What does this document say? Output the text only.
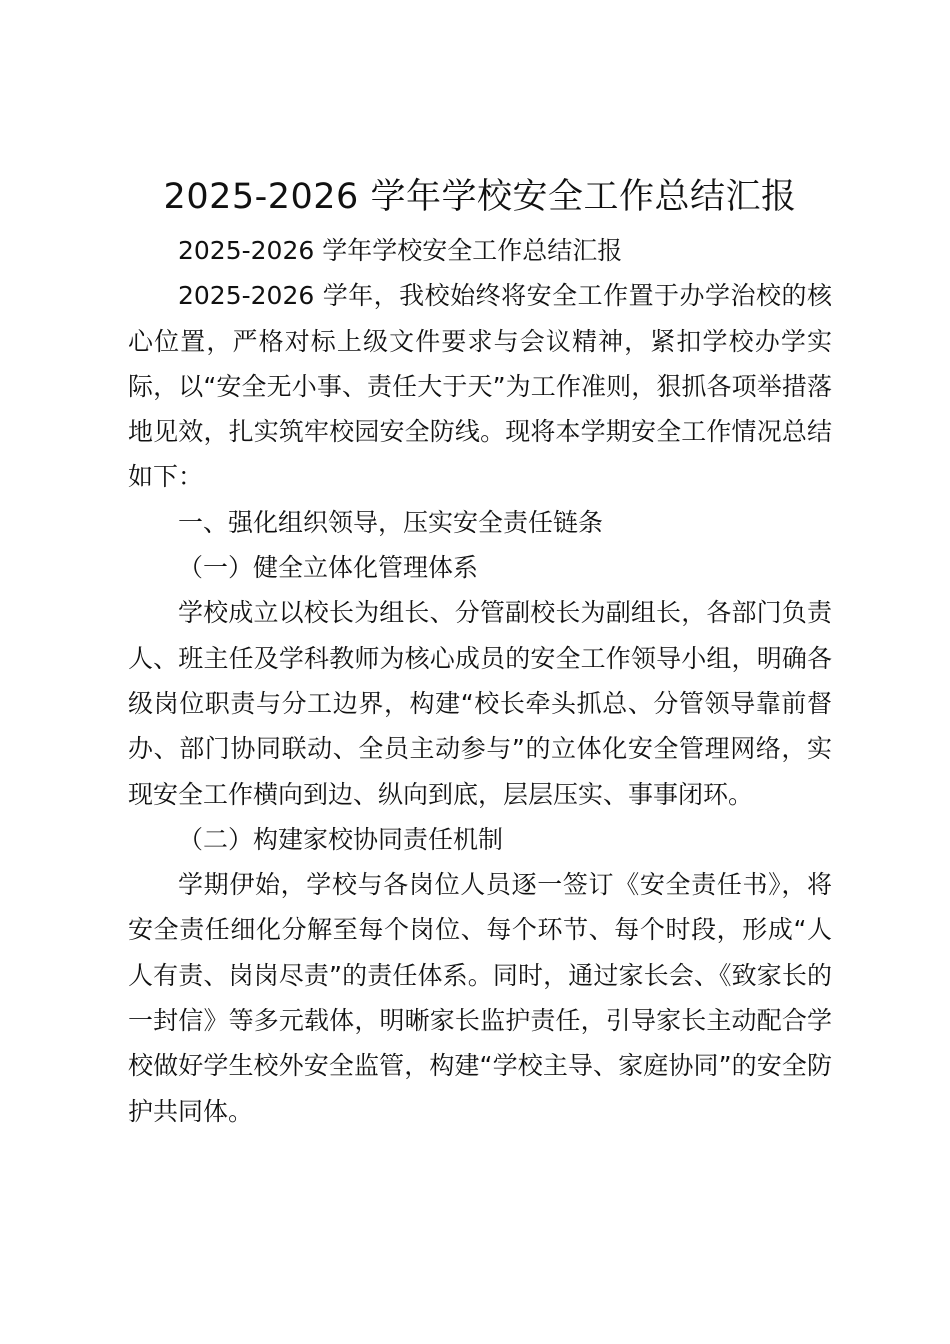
2025-2026 学年学校安全工作总结汇报

2025-2026 学年学校安全工作总结汇报

2025-2026 学年，我校始终将安全工作置于办学治校的核心位置，严格对标上级文件要求与会议精神，紧扣学校办学实际，以“安全无小事、责任大于天”为工作准则，狠抓各项举措落地见效，扎实筑牢校园安全防线。现将本学期安全工作情况总结如下：

一、强化组织领导，压实安全责任链条

（一）健全立体化管理体系

学校成立以校长为组长、分管副校长为副组长，各部门负责人、班主任及学科教师为核心成员的安全工作领导小组，明确各级岗位职责与分工边界，构建“校长牵头抓总、分管领导靠前督办、部门协同联动、全员主动参与”的立体化安全管理网络，实现安全工作横向到边、纵向到底，层层压实、事事闭环。

（二）构建家校协同责任机制

学期伊始，学校与各岗位人员逐一签订《安全责任书》，将安全责任细化分解至每个岗位、每个环节、每个时段，形成“人人有责、岗岗尽责”的责任体系。同时，通过家长会、《致家长的一封信》等多元载体，明晰家长监护责任，引导家长主动配合学校做好学生校外安全监管，构建“学校主导、家庭协同”的安全防护共同体。
